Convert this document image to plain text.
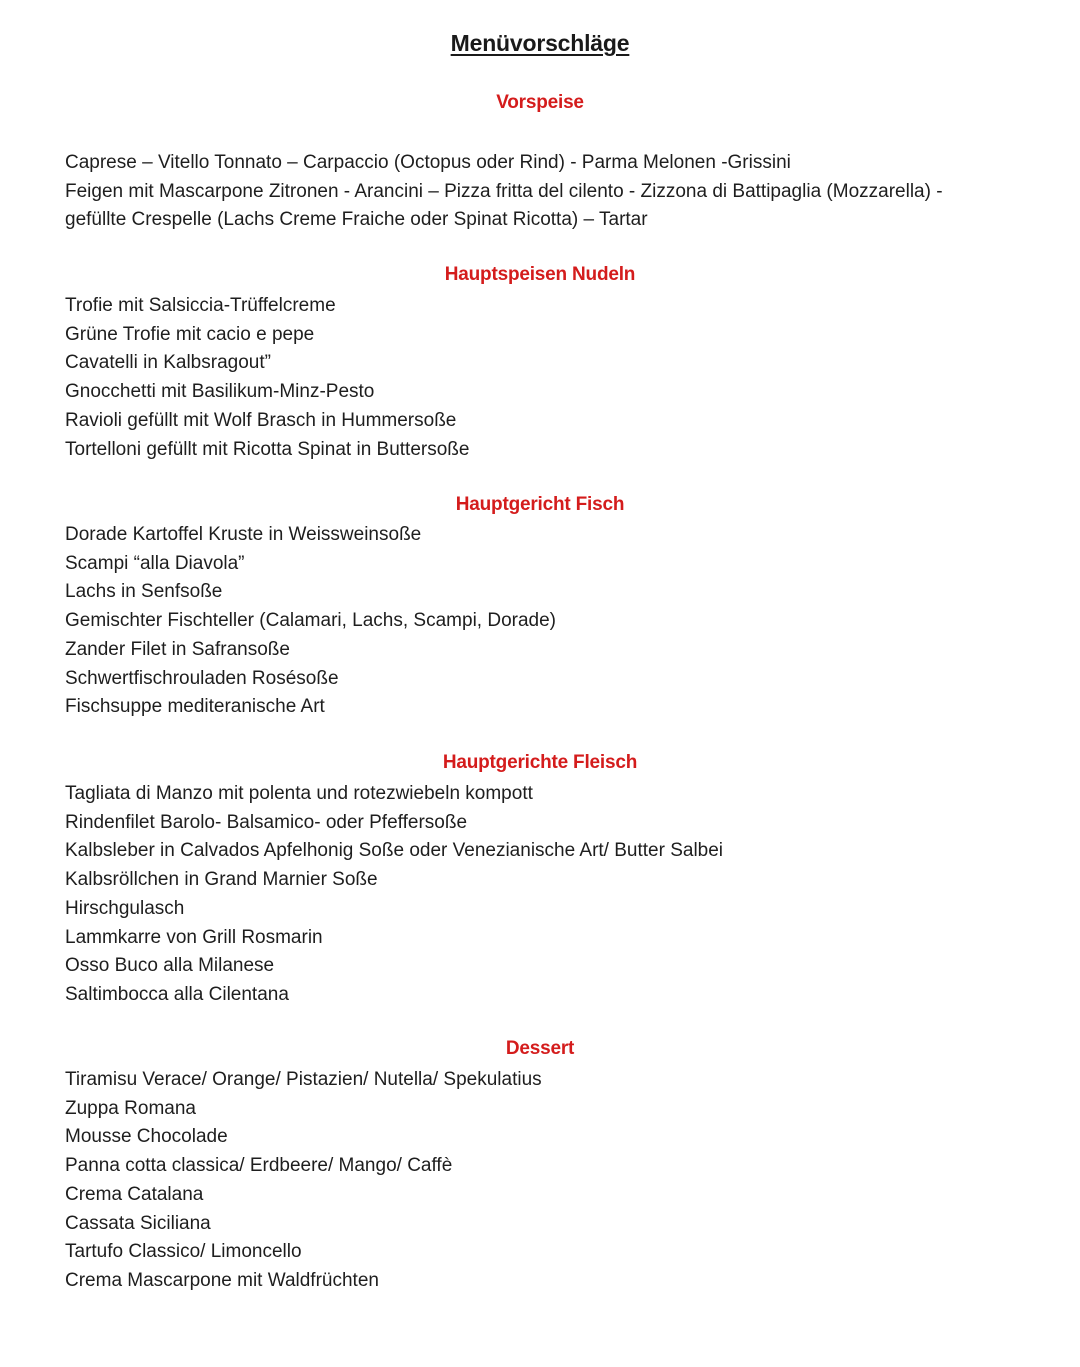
Menüvorschläge
Vorspeise
Caprese – Vitello Tonnato – Carpaccio (Octopus oder Rind) - Parma Melonen -Grissini
Feigen mit Mascarpone Zitronen - Arancini – Pizza fritta del cilento - Zizzona di Battipaglia (Mozzarella) -
gefüllte Crespelle (Lachs Creme Fraiche oder Spinat Ricotta) – Tartar
Hauptspeisen Nudeln
Trofie mit Salsiccia-Trüffelcreme
Grüne Trofie mit cacio e pepe
Cavatelli in Kalbsragout”
Gnocchetti mit Basilikum-Minz-Pesto
Ravioli gefüllt mit Wolf Brasch in Hummersoße
Tortelloni gefüllt mit Ricotta Spinat in Buttersoße
Hauptgericht Fisch
Dorade Kartoffel Kruste in Weissweinsoße
Scampi “alla Diavola”
Lachs in Senfsoße
Gemischter Fischteller (Calamari, Lachs, Scampi, Dorade)
Zander Filet in Safransoße
Schwertfischrouladen Rosésoße
Fischsuppe mediteranische Art
Hauptgerichte Fleisch
Tagliata di Manzo mit polenta und rotezwiebeln kompott
Rindenfilet Barolo- Balsamico- oder Pfeffersoße
Kalbsleber in Calvados Apfelhonig Soße oder Venezianische Art/ Butter Salbei
Kalbsröllchen in Grand Marnier Soße
Hirschgulasch
Lammkarre von Grill Rosmarin
Osso Buco alla Milanese
Saltimbocca alla Cilentana
Dessert
Tiramisu Verace/ Orange/ Pistazien/ Nutella/ Spekulatius
Zuppa Romana
Mousse Chocolade
Panna cotta classica/ Erdbeere/ Mango/ Caffè
Crema Catalana
Cassata Siciliana
Tartufo Classico/ Limoncello
Crema Mascarpone mit Waldfrüchten
